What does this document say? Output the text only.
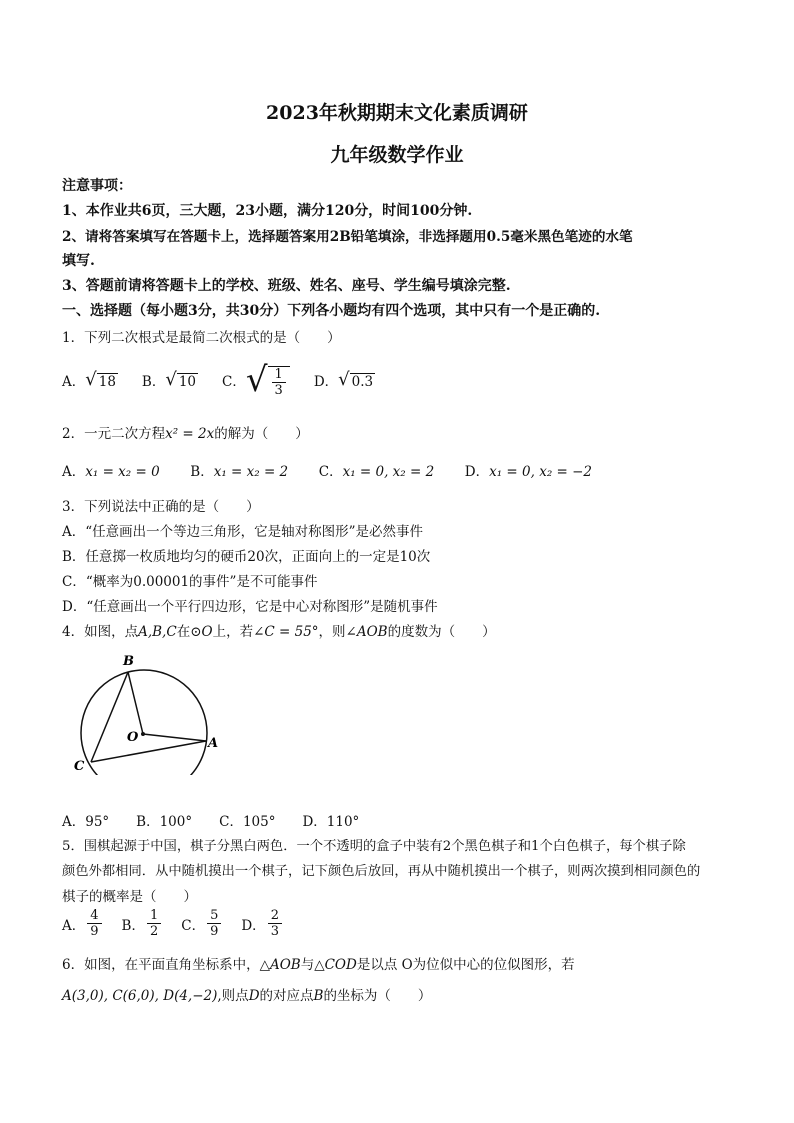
2023年秋期期末文化素质调研
九年级数学作业
注意事项：
1、本作业共6页，三大题，23小题，满分120分，时间100分钟.
2、请将答案填写在答题卡上，选择题答案用2B铅笔填涂，非选择题用0.5毫米黑色笔迹的水笔
填写.
3、答题前请将答题卡上的学校、班级、姓名、座号、学生编号填涂完整.
一、选择题（每小题3分，共30分）下列各小题均有四个选项，其中只有一个是正确的.
1．下列二次根式是最简二次根式的是（　　）
A． √ 18 B． √ 10 C． √ $\frac{1}{3}$ D． √ 0.3
2．一元二次方程x² = 2x的解为（　　）
A．x₁ = x₂ = 0 B．x₁ = x₂ = 2 C．x₁ = 0, x₂ = 2 D．x₁ = 0, x₂ = −2
3．下列说法中正确的是（　　）
A．“任意画出一个等边三角形，它是轴对称图形”是必然事件
B．任意掷一枚质地均匀的硬币20次，正面向上的一定是10次
C．“概率为0.00001的事件”是不可能事件
D．“任意画出一个平行四边形，它是中心对称图形”是随机事件
4．如图，点A,B,C在⊙O上，若∠C = 55°，则∠AOB的度数为（　　）
B
A
C
O
A．95°　　B．100°　　C．105°　　D．110°
5．围棋起源于中国，棋子分黑白两色．一个不透明的盒子中装有2个黑色棋子和1个白色棋子，每个棋子除
颜色外都相同．从中随机摸出一个棋子，记下颜色后放回，再从中随机摸出一个棋子，则两次摸到相同颜色的
棋子的概率是（　　）
A． $\frac{4}{9}$ B． $\frac{1}{2}$ C． $\frac{5}{9}$ D． $\frac{2}{3}$
6．如图，在平面直角坐标系中，△AOB与△COD是以点 O为位似中心的位似图形，若
A(3,0), C(6,0), D(4,−2),则点D的对应点B的坐标为（　　）
